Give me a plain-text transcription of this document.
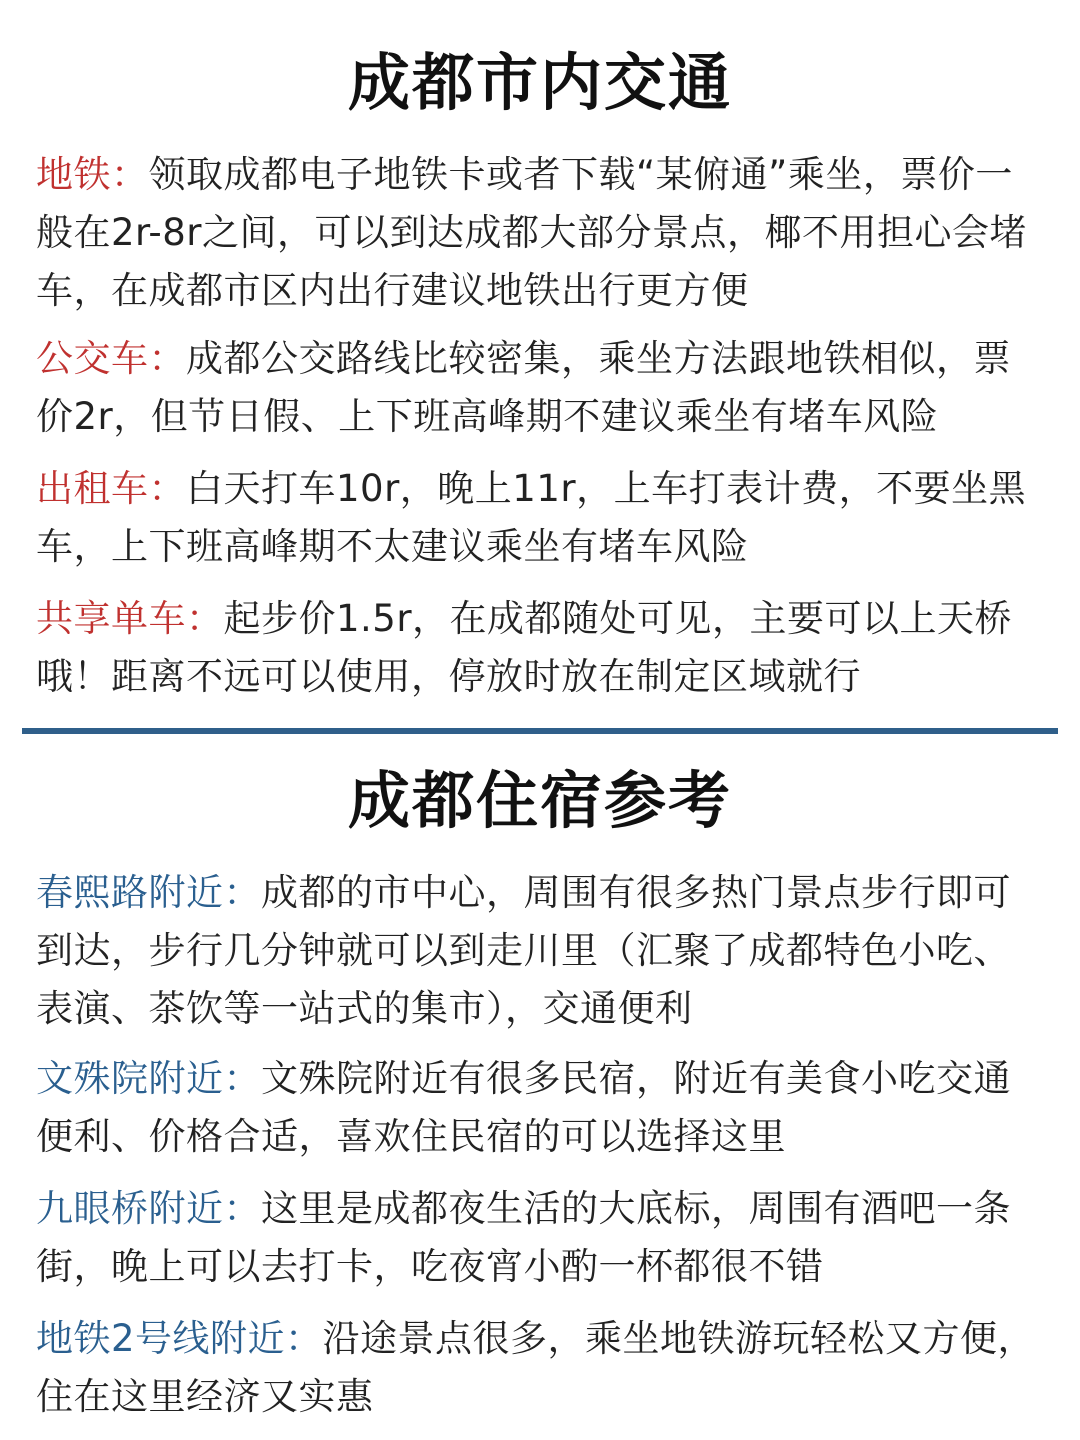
成都市内交通
地铁：领取成都电子地铁卡或者下载“某俯通”乘坐，票价一般在2r-8r之间，可以到达成都大部分景点，椰不用担心会堵车，在成都市区内出行建议地铁出行更方便
公交车：成都公交路线比较密集，乘坐方法跟地铁相似，票价2r，但节日假、上下班高峰期不建议乘坐有堵车风险
出租车：白天打车10r，晚上11r，上车打表计费，不要坐黑车，上下班高峰期不太建议乘坐有堵车风险
共享单车：起步价1.5r，在成都随处可见，主要可以上天桥哦！距离不远可以使用，停放时放在制定区域就行
成都住宿参考
春熙路附近：成都的市中心，周围有很多热门景点步行即可到达，步行几分钟就可以到走川里（汇聚了成都特色小吃、表演、茶饮等一站式的集市），交通便利
文殊院附近：文殊院附近有很多民宿，附近有美食小吃交通便利、价格合适，喜欢住民宿的可以选择这里
九眼桥附近：这里是成都夜生活的大底标，周围有酒吧一条街，晚上可以去打卡，吃夜宵小酌一杯都很不错
地铁2号线附近：沿途景点很多，乘坐地铁游玩轻松又方便，住在这里经济又实惠
